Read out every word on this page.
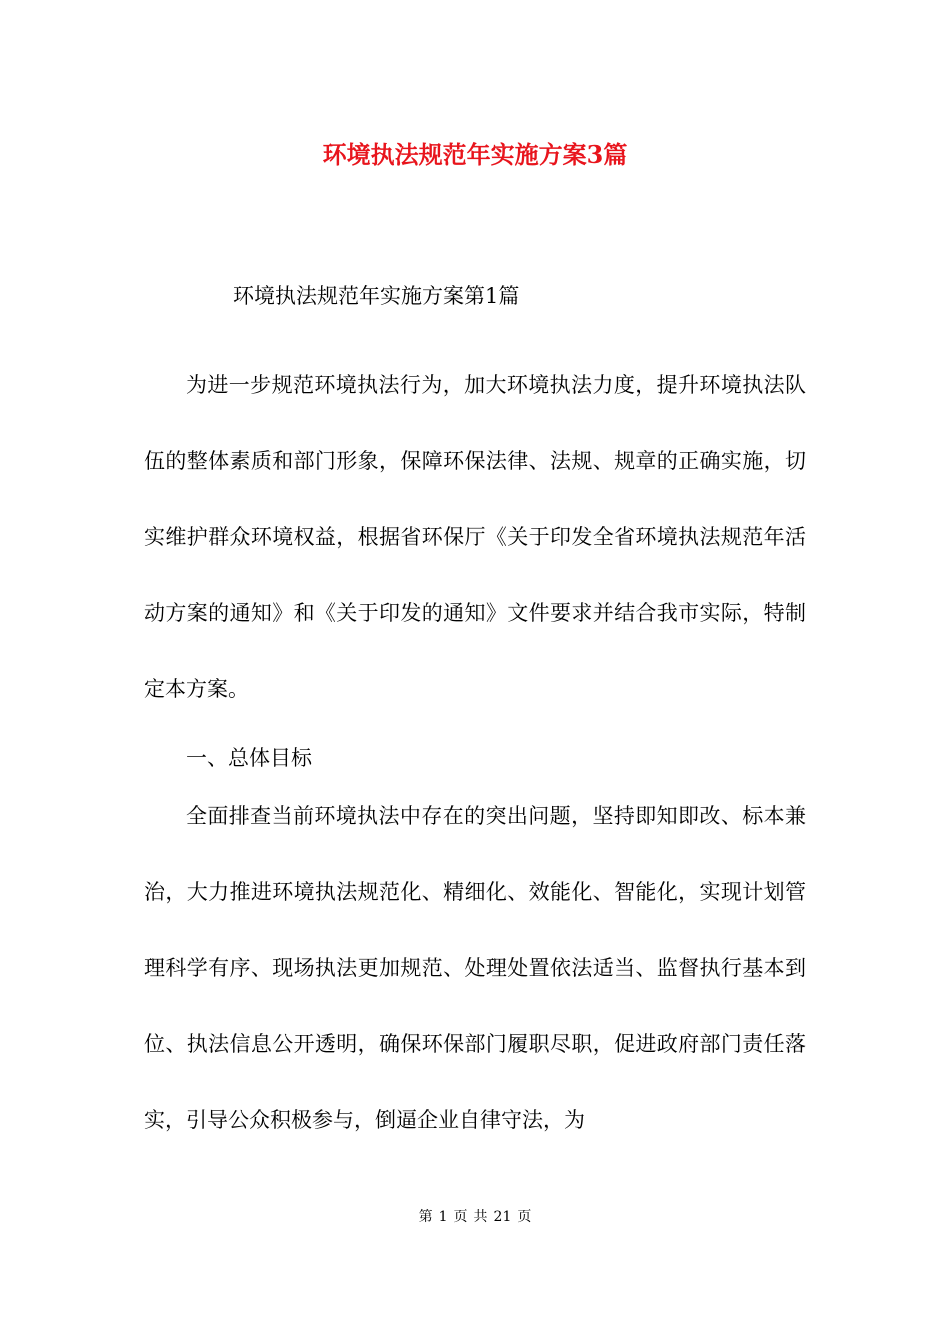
环境执法规范年实施方案3篇

环境执法规范年实施方案第1篇

为进一步规范环境执法行为，加大环境执法力度，提升环境执法队伍的整体素质和部门形象，保障环保法律、法规、规章的正确实施，切实维护群众环境权益，根据省环保厅《关于印发全省环境执法规范年活动方案的通知》和《关于印发的通知》文件要求并结合我市实际，特制定本方案。

一、总体目标

全面排查当前环境执法中存在的突出问题，坚持即知即改、标本兼治，大力推进环境执法规范化、精细化、效能化、智能化，实现计划管理科学有序、现场执法更加规范、处理处置依法适当、监督执行基本到位、执法信息公开透明，确保环保部门履职尽职，促进政府部门责任落实，引导公众积极参与，倒逼企业自律守法，为

第 1 页 共 21 页
